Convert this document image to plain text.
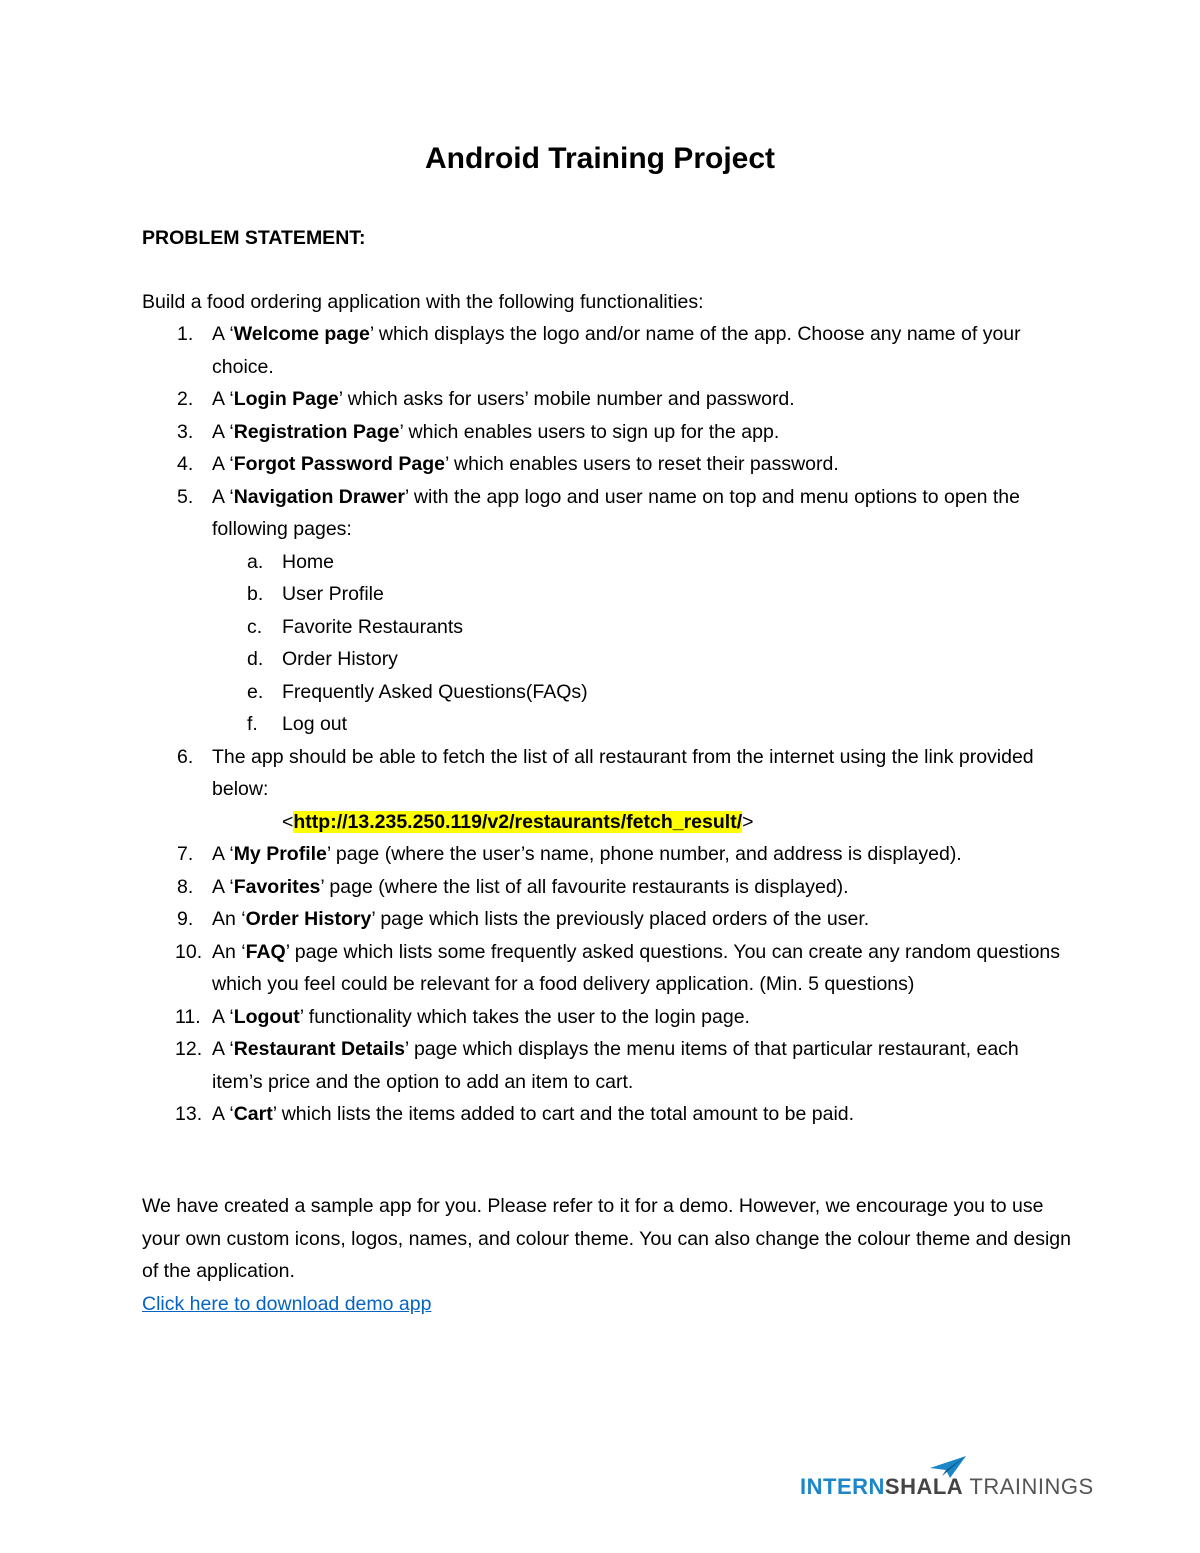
Android Training Project
PROBLEM STATEMENT:
Build a food ordering application with the following functionalities:
1. A ‘Welcome page’ which displays the logo and/or name of the app. Choose any name of your choice.
2. A ‘Login Page’ which asks for users’ mobile number and password.
3. A ‘Registration Page’ which enables users to sign up for the app.
4. A ‘Forgot Password Page’ which enables users to reset their password.
5. A ‘Navigation Drawer’ with the app logo and user name on top and menu options to open the following pages:
a. Home
b. User Profile
c. Favorite Restaurants
d. Order History
e. Frequently Asked Questions(FAQs)
f. Log out
6. The app should be able to fetch the list of all restaurant from the internet using the link provided below:
<http://13.235.250.119/v2/restaurants/fetch_result/>
7. A ‘My Profile’ page (where the user’s name, phone number, and address is displayed).
8. A ‘Favorites’ page (where the list of all favourite restaurants is displayed).
9. An ‘Order History’ page which lists the previously placed orders of the user.
10. An ‘FAQ’ page which lists some frequently asked questions. You can create any random questions which you feel could be relevant for a food delivery application. (Min. 5 questions)
11. A ‘Logout’ functionality which takes the user to the login page.
12. A ‘Restaurant Details’ page which displays the menu items of that particular restaurant, each item’s price and the option to add an item to cart.
13. A ‘Cart’ which lists the items added to cart and the total amount to be paid.
We have created a sample app for you. Please refer to it for a demo. However, we encourage you to use your own custom icons, logos, names, and colour theme. You can also change the colour theme and design of the application.
Click here to download demo app
INTERNSHALA TRAININGS
